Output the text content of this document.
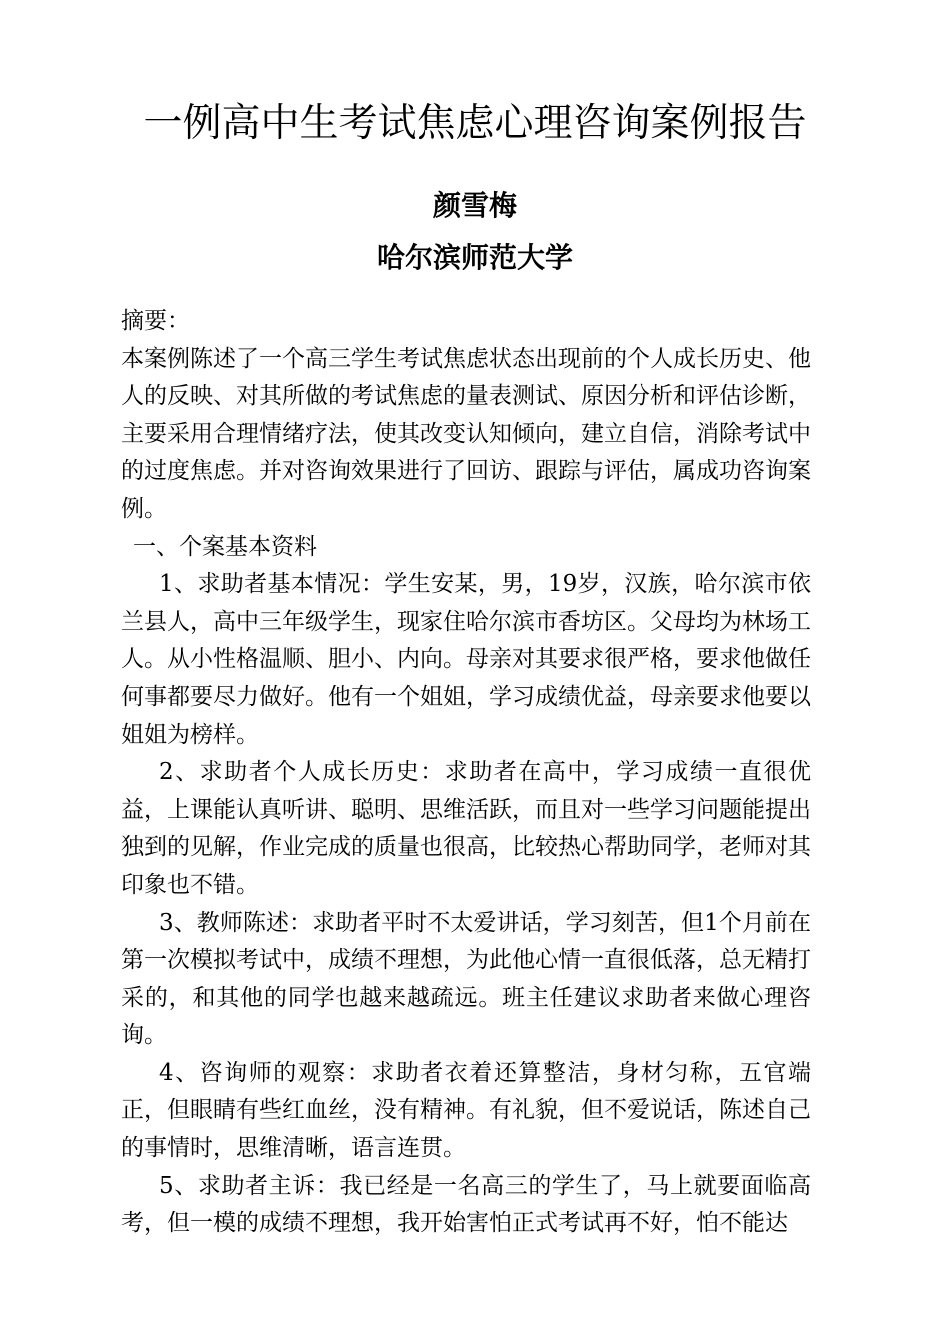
一例高中生考试焦虑心理咨询案例报告
颜雪梅
哈尔滨师范大学

摘要：

本案例陈述了一个高三学生考试焦虑状态出现前的个人成长历史、他人的反映、对其所做的考试焦虑的量表测试、原因分析和评估诊断，主要采用合理情绪疗法，使其改变认知倾向，建立自信，消除考试中的过度焦虑。并对咨询效果进行了回访、跟踪与评估，属成功咨询案例。

一、个案基本资料

1、求助者基本情况：学生安某，男，19岁，汉族，哈尔滨市依兰县人，高中三年级学生，现家住哈尔滨市香坊区。父母均为林场工人。从小性格温顺、胆小、内向。母亲对其要求很严格，要求他做任何事都要尽力做好。他有一个姐姐，学习成绩优益，母亲要求他要以姐姐为榜样。

2、求助者个人成长历史：求助者在高中，学习成绩一直很优益，上课能认真听讲、聪明、思维活跃，而且对一些学习问题能提出独到的见解，作业完成的质量也很高，比较热心帮助同学，老师对其印象也不错。

3、教师陈述：求助者平时不太爱讲话，学习刻苦，但1个月前在第一次模拟考试中，成绩不理想，为此他心情一直很低落，总无精打采的，和其他的同学也越来越疏远。班主任建议求助者来做心理咨询。

4、咨询师的观察：求助者衣着还算整洁，身材匀称，五官端正，但眼睛有些红血丝，没有精神。有礼貌，但不爱说话，陈述自己的事情时，思维清晰，语言连贯。

5、求助者主诉：我已经是一名高三的学生了，马上就要面临高考，但一模的成绩不理想，我开始害怕正式考试再不好，怕不能达
